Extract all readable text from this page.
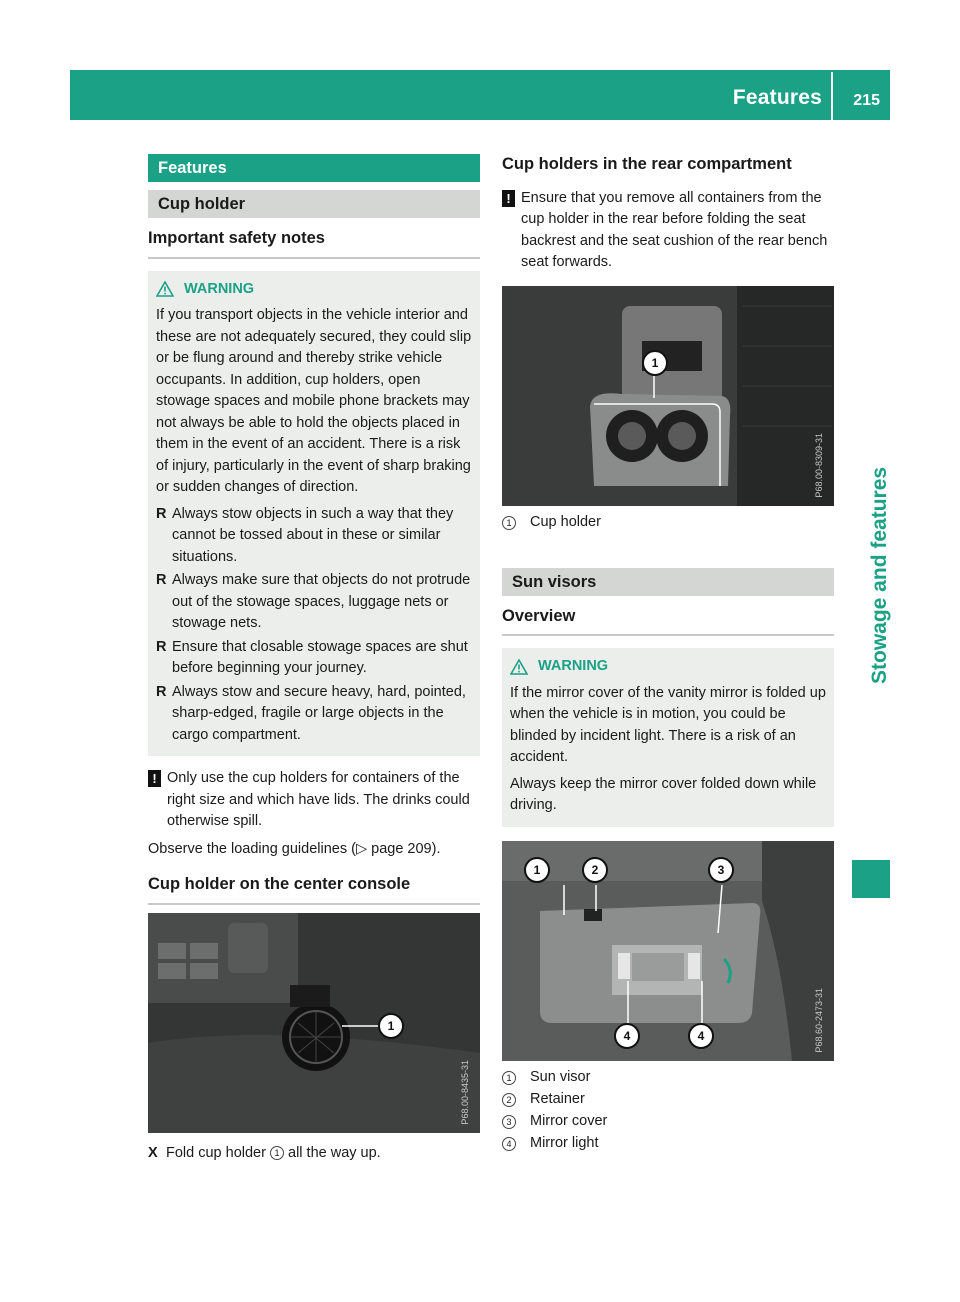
Features 215
Stowage and features
Features
Cup holder
Important safety notes
WARNING

If you transport objects in the vehicle interior and these are not adequately secured, they could slip or be flung around and thereby strike vehicle occupants. In addition, cup holders, open stowage spaces and mobile phone brackets may not always be able to hold the objects placed in them in the event of an accident. There is a risk of injury, particularly in the event of sharp braking or sudden changes of direction.

R Always stow objects in such a way that they cannot be tossed about in these or similar situations.
R Always make sure that objects do not protrude out of the stowage spaces, luggage nets or stowage nets.
R Ensure that closable stowage spaces are shut before beginning your journey.
R Always stow and secure heavy, hard, pointed, sharp-edged, fragile or large objects in the cargo compartment.
! Only use the cup holders for containers of the right size and which have lids. The drinks could otherwise spill.
Observe the loading guidelines (▷ page 209).
Cup holder on the center console
1
P68.00-8435-31
X Fold cup holder 1 all the way up.
Cup holders in the rear compartment
! Ensure that you remove all containers from the cup holder in the rear before folding the seat backrest and the seat cushion of the rear bench seat forwards.
1
P68.00-8309-31
1	Cup holder
Sun visors
Overview
WARNING

If the mirror cover of the vanity mirror is folded up when the vehicle is in motion, you could be blinded by incident light. There is a risk of an accident.

Always keep the mirror cover folded down while driving.

1	2	3
4	4	P68.60-2473-31
1	Sun visor
2	Retainer
3	Mirror cover
4	Mirror light
